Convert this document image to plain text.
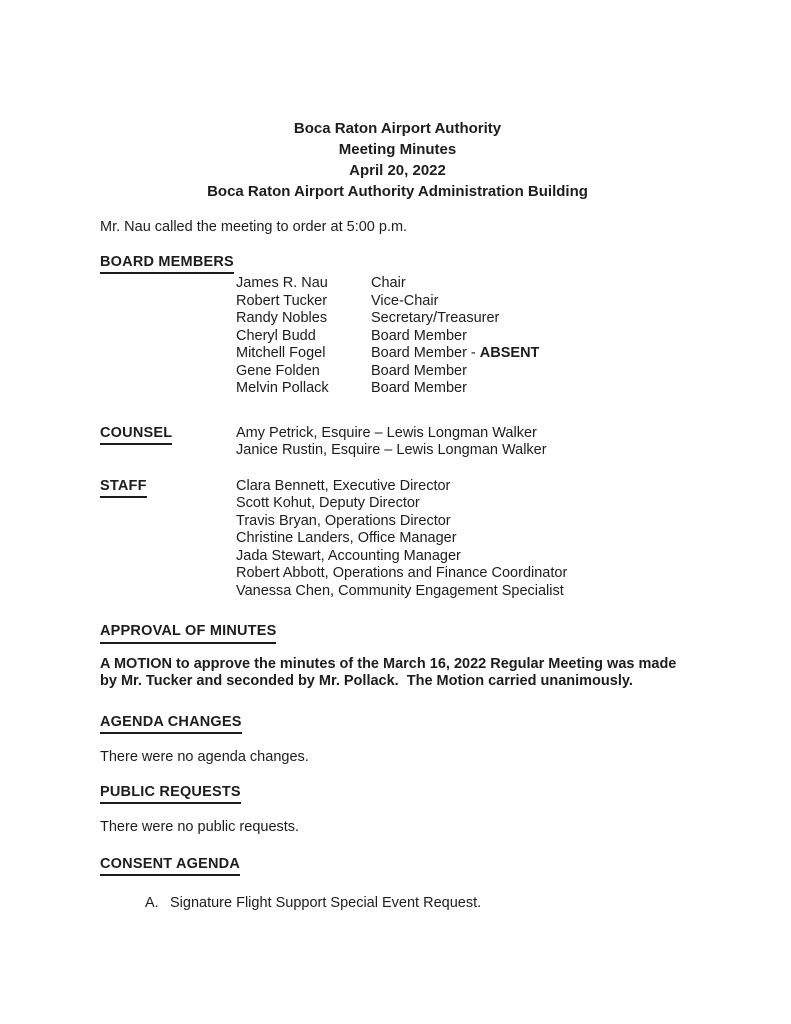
Boca Raton Airport Authority
Meeting Minutes
April 20, 2022
Boca Raton Airport Authority Administration Building

Mr. Nau called the meeting to order at 5:00 p.m.

BOARD MEMBERS
James R. Nau	Chair
Robert Tucker	Vice-Chair
Randy Nobles	Secretary/Treasurer
Cheryl Budd	Board Member
Mitchell Fogel	Board Member - ABSENT
Gene Folden	Board Member
Melvin Pollack	Board Member
COUNSEL	Amy Petrick, Esquire – Lewis Longman Walker
Janice Rustin, Esquire – Lewis Longman Walker
STAFF	Clara Bennett, Executive Director
Scott Kohut, Deputy Director
Travis Bryan, Operations Director
Christine Landers, Office Manager
Jada Stewart, Accounting Manager
Robert Abbott, Operations and Finance Coordinator
Vanessa Chen, Community Engagement Specialist
APPROVAL OF MINUTES

A MOTION to approve the minutes of the March 16, 2022 Regular Meeting was made by Mr. Tucker and seconded by Mr. Pollack.  The Motion carried unanimously.

AGENDA CHANGES

There were no agenda changes.

PUBLIC REQUESTS

There were no public requests.

CONSENT AGENDA
A. Signature Flight Support Special Event Request.
